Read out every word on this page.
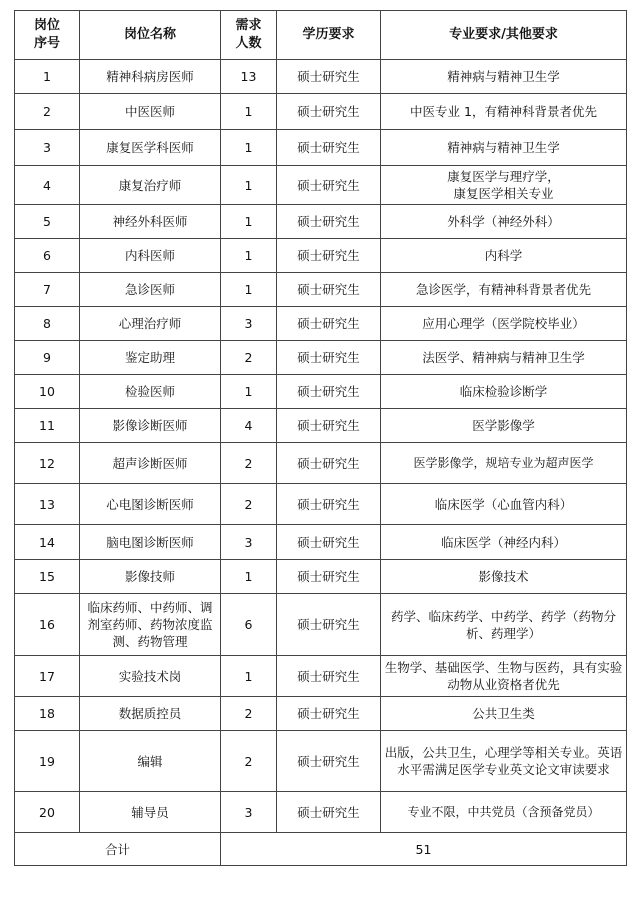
岗位序号	岗位名称	需求人数	学历要求	专业要求/其他要求
1	精神科病房医师	13	硕士研究生	精神病与精神卫生学
2	中医医师	1	硕士研究生	中医专业 1，有精神科背景者优先
3	康复医学科医师	1	硕士研究生	精神病与精神卫生学
4	康复治疗师	1	硕士研究生	康复医学与理疗学，
康复医学相关专业
5	神经外科医师	1	硕士研究生	外科学（神经外科）
6	内科医师	1	硕士研究生	内科学
7	急诊医师	1	硕士研究生	急诊医学，有精神科背景者优先
8	心理治疗师	3	硕士研究生	应用心理学（医学院校毕业）
9	鉴定助理	2	硕士研究生	法医学、精神病与精神卫生学
10	检验医师	1	硕士研究生	临床检验诊断学
11	影像诊断医师	4	硕士研究生	医学影像学
12	超声诊断医师	2	硕士研究生	医学影像学，规培专业为超声医学
13	心电图诊断医师	2	硕士研究生	临床医学（心血管内科）
14	脑电图诊断医师	3	硕士研究生	临床医学（神经内科）
15	影像技师	1	硕士研究生	影像技术
16	临床药师、中药师、调剂室药师、药物浓度监测、药物管理	6	硕士研究生	药学、临床药学、中药学、药学（药物分析、药理学）
17	实验技术岗	1	硕士研究生	生物学、基础医学、生物与医药，具有实验动物从业资格者优先
18	数据质控员	2	硕士研究生	公共卫生类
19	编辑	2	硕士研究生	出版，公共卫生，心理学等相关专业。英语水平需满足医学专业英文论文审读要求
20	辅导员	3	硕士研究生	专业不限，中共党员（含预备党员）
合计		51		
